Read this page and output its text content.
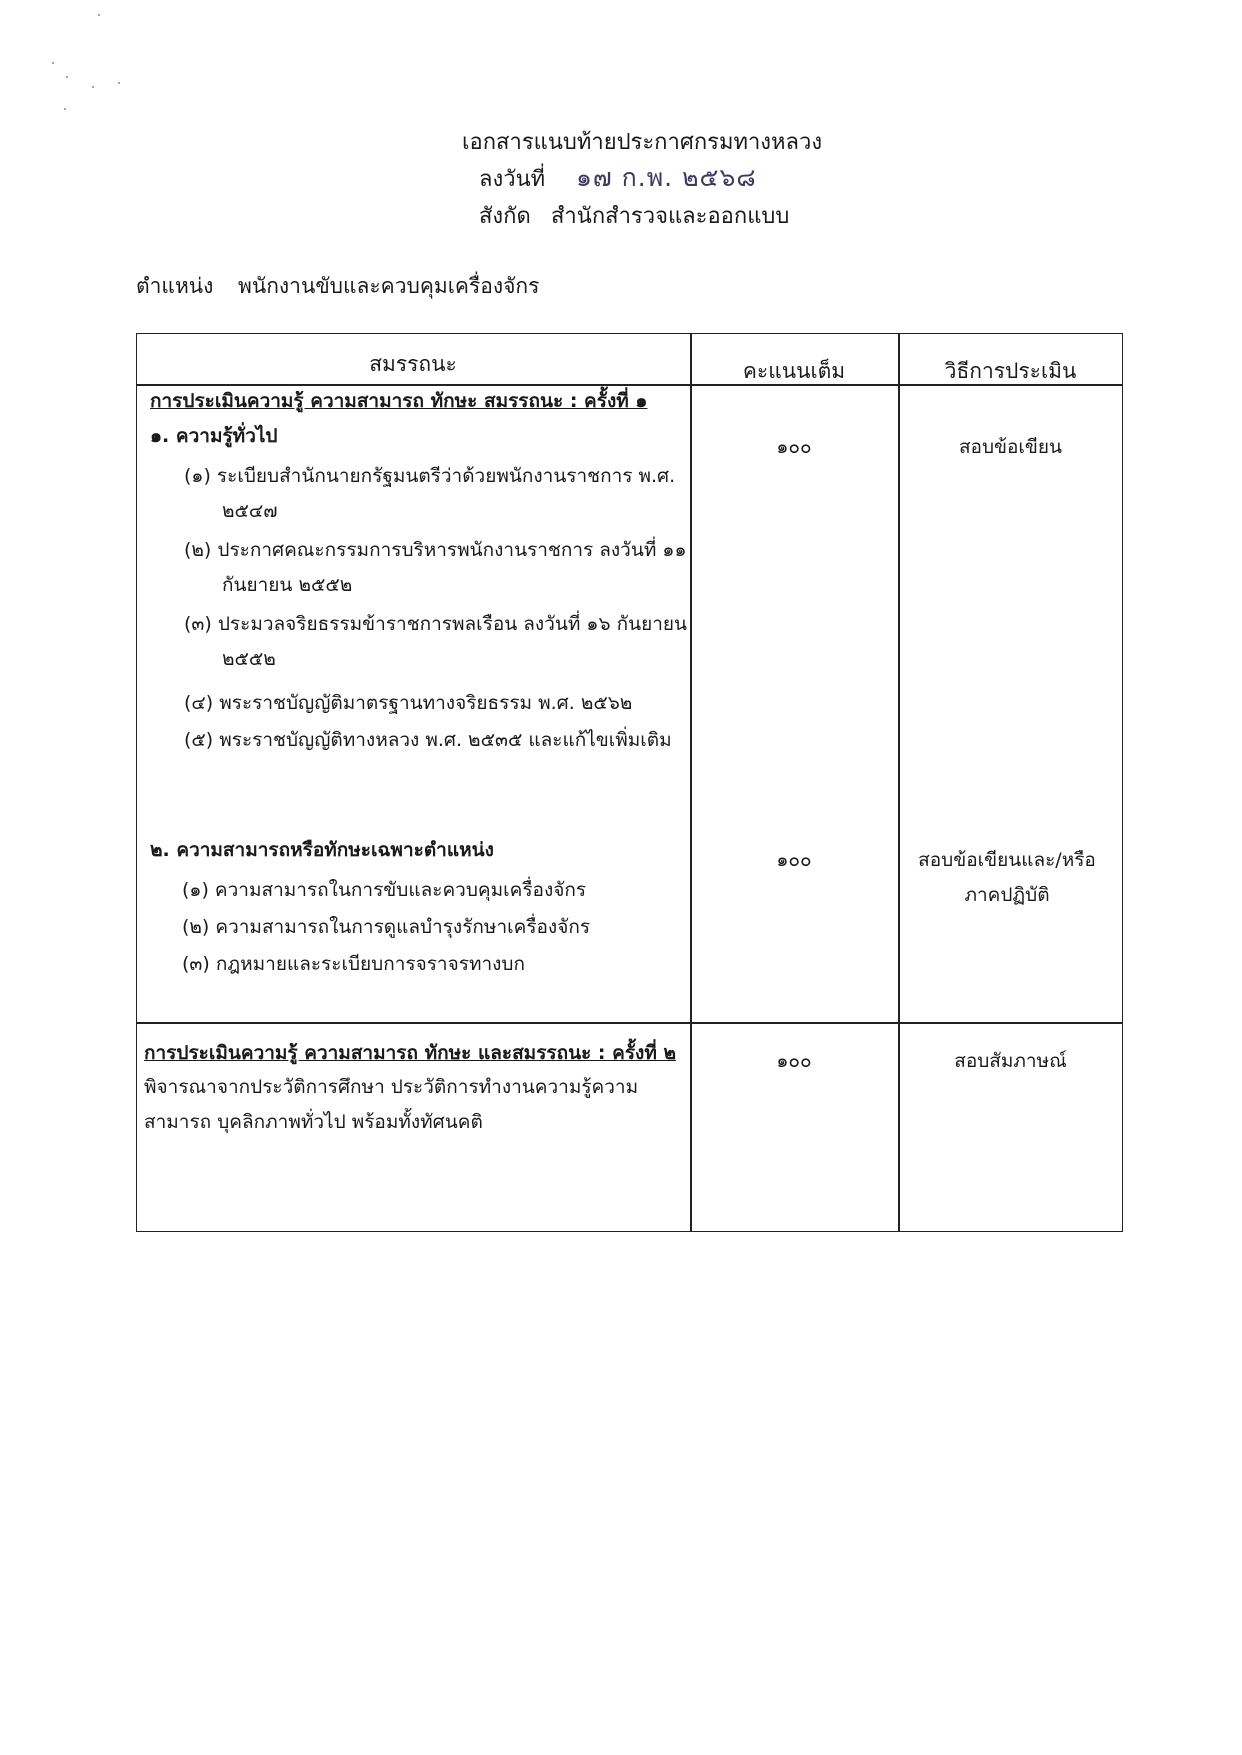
เอกสารแนบท้ายประกาศกรมทางหลวง
ลงวันที่ ๑๗ ก.พ. ๒๕๖๘
สังกัด สำนักสำรวจและออกแบบ
ตำแหน่ง พนักงานขับและควบคุมเครื่องจักร
สมรรถนะ	คะแนนเต็ม	วิธีการประเมิน
การประเมินความรู้ ความสามารถ ทักษะ สมรรถนะ : ครั้งที่ ๑
๑. ความรู้ทั่วไป
(๑) ระเบียบสำนักนายกรัฐมนตรีว่าด้วยพนักงานราชการ พ.ศ. ๒๕๔๗
(๒) ประกาศคณะกรรมการบริหารพนักงานราชการ ลงวันที่ ๑๑ กันยายน ๒๕๕๒
(๓) ประมวลจริยธรรมข้าราชการพลเรือน ลงวันที่ ๑๖ กันยายน ๒๕๕๒
(๔) พระราชบัญญัติมาตรฐานทางจริยธรรม พ.ศ. ๒๕๖๒
(๕) พระราชบัญญัติทางหลวง พ.ศ. ๒๕๓๕ และแก้ไขเพิ่มเติม
๑๐๐	สอบข้อเขียน
๒. ความสามารถหรือทักษะเฉพาะตำแหน่ง
(๑) ความสามารถในการขับและควบคุมเครื่องจักร
(๒) ความสามารถในการดูแลบำรุงรักษาเครื่องจักร
(๓) กฎหมายและระเบียบการจราจรทางบก
๑๐๐	สอบข้อเขียนและ/หรือภาคปฏิบัติ
การประเมินความรู้ ความสามารถ ทักษะ และสมรรถนะ : ครั้งที่ ๒
พิจารณาจากประวัติการศึกษา ประวัติการทำงานความรู้ความสามารถ บุคลิกภาพทั่วไป พร้อมทั้งทัศนคติ
๑๐๐	สอบสัมภาษณ์
